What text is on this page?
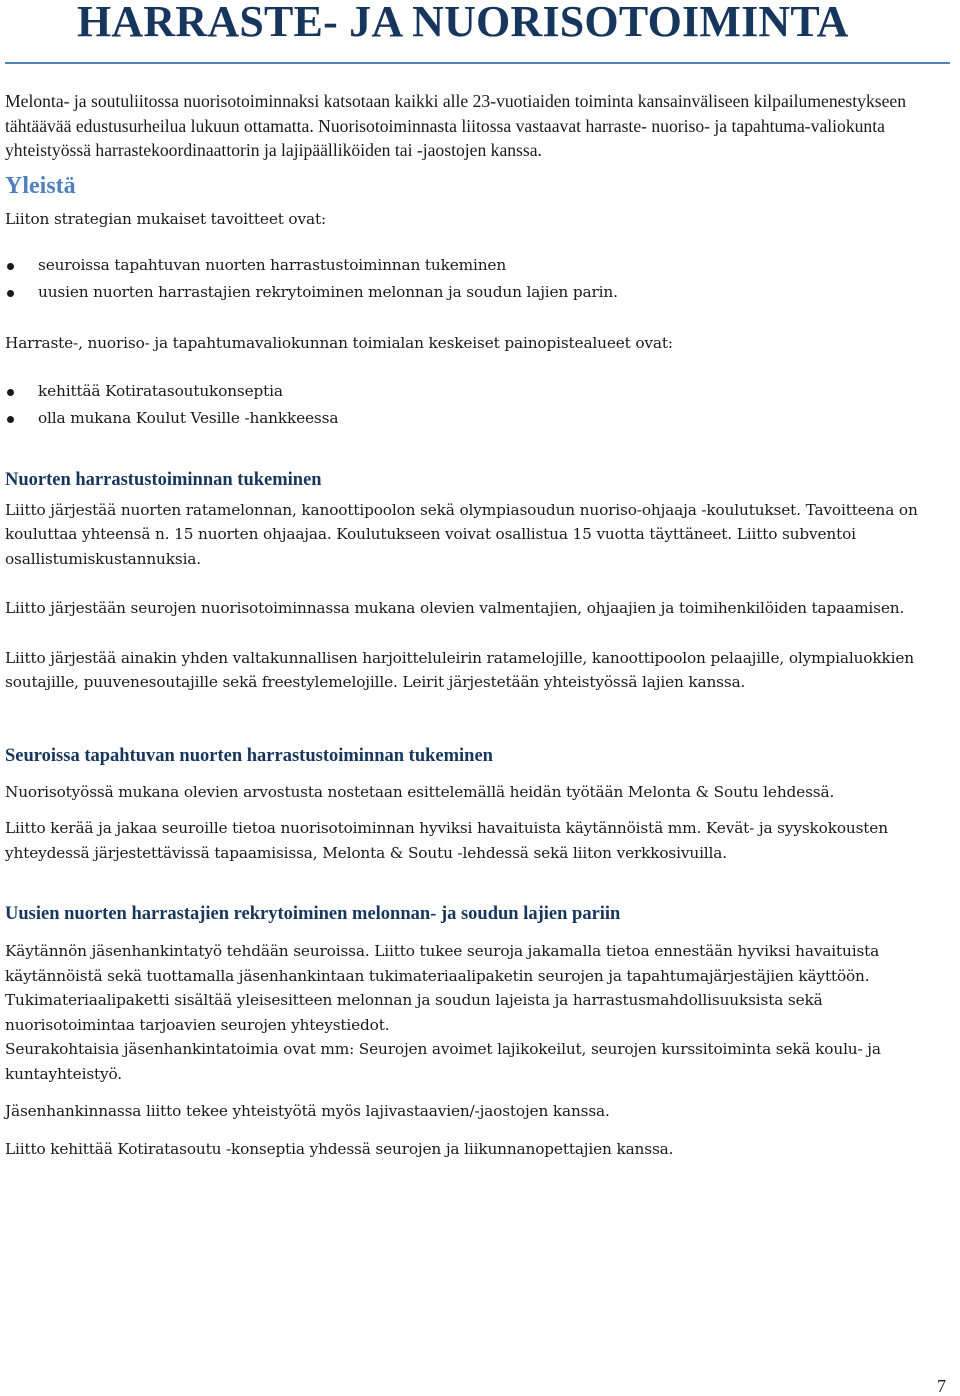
HARRASTE- JA NUORISOTOIMINTA

Melonta- ja soutuliitossa nuorisotoiminnaksi katsotaan kaikki alle 23-vuotiaiden toiminta kansainväliseen kilpailumenestykseen tähtäävää edustusurheilua lukuun ottamatta. Nuorisotoiminnasta liitossa vastaavat harraste- nuoriso- ja tapahtuma-valiokunta yhteistyössä harrastekoordinaattorin ja lajipäälliköiden tai -jaostojen kanssa.

Yleistä

Liiton strategian mukaiset tavoitteet ovat:

seuroissa tapahtuvan nuorten harrastustoiminnan tukeminen
uusien nuorten harrastajien rekrytoiminen melonnan ja soudun lajien parin.

Harraste-, nuoriso- ja tapahtumavaliokunnan toimialan keskeiset painopistealueet ovat:

kehittää Kotiratasoutukonseptia
olla mukana Koulut Vesille -hankkeessa
Nuorten harrastustoiminnan tukeminen

Liitto järjestää nuorten ratamelonnan, kanoottipoolon sekä olympiasoudun nuoriso-ohjaaja -koulutukset. Tavoitteena on kouluttaa yhteensä n. 15 nuorten ohjaajaa. Koulutukseen voivat osallistua 15 vuotta täyttäneet. Liitto subventoi osallistumiskustannuksia.

Liitto järjestään seurojen nuorisotoiminnassa mukana olevien valmentajien, ohjaajien ja toimihenkilöiden tapaamisen.

Liitto järjestää ainakin yhden valtakunnallisen harjoitteluleirin ratamelojille, kanoottipoolon pelaajille, olympialuokkien soutajille, puuvenesoutajille sekä freestylemelojille. Leirit järjestetään yhteistyössä lajien kanssa.

Seuroissa tapahtuvan nuorten harrastustoiminnan tukeminen

Nuorisotyössä mukana olevien arvostusta nostetaan esittelemällä heidän työtään Melonta & Soutu lehdessä.

Liitto kerää ja jakaa seuroille tietoa nuorisotoiminnan hyviksi havaituista käytännöistä mm. Kevät- ja syyskokousten yhteydessä järjestettävissä tapaamisissa, Melonta & Soutu -lehdessä sekä liiton verkkosivuilla.

Uusien nuorten harrastajien rekrytoiminen melonnan- ja soudun lajien pariin

Käytännön jäsenhankintatyö tehdään seuroissa. Liitto tukee seuroja jakamalla tietoa ennestään hyviksi havaituista käytännöistä sekä tuottamalla jäsenhankintaan tukimateriaalipaketin seurojen ja tapahtumajärjestäjien käyttöön. Tukimateriaalipaketti sisältää yleisesitteen melonnan ja soudun lajeista ja harrastusmahdollisuuksista sekä nuorisotoimintaa tarjoavien seurojen yhteystiedot.

Seurakohtaisia jäsenhankintatoimia ovat mm: Seurojen avoimet lajikokeilut, seurojen kurssitoiminta sekä koulu- ja kuntayhteistyö.

Jäsenhankinnassa liitto tekee yhteistyötä myös lajivastaavien/-jaostojen kanssa.

Liitto kehittää Kotiratasoutu -konseptia yhdessä seurojen ja liikunnanopettajien kanssa.

7
